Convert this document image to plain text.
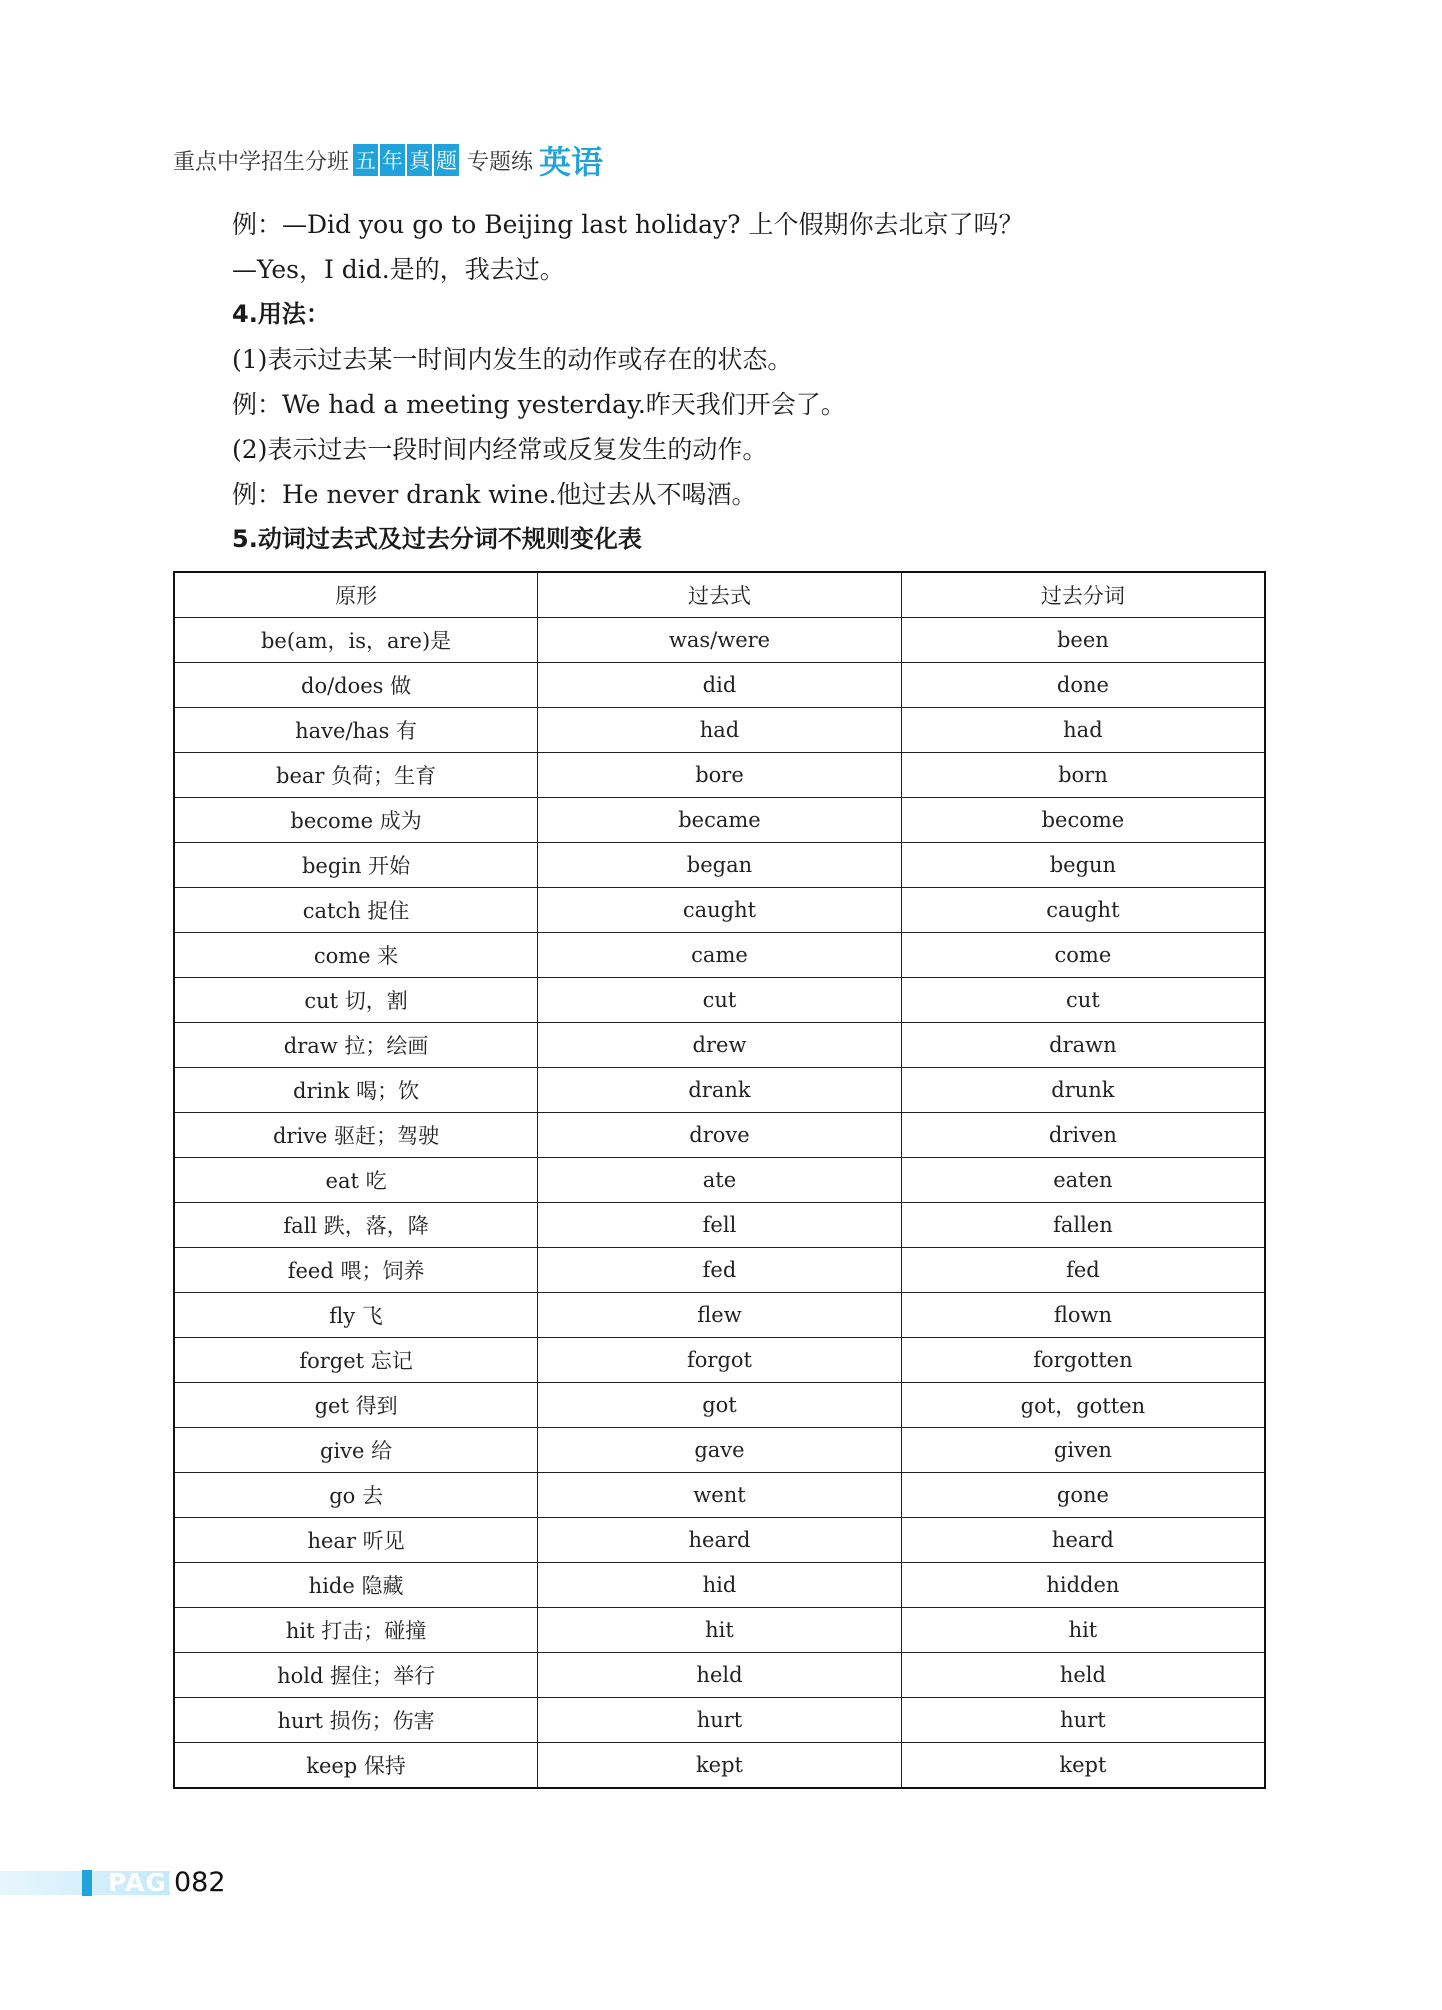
重点中学招生分班 五 年 真 题 专题练 英语
例：—Did you go to Beijing last holiday? 上个假期你去北京了吗？
—Yes，I did.是的，我去过。
4.用法：
(1)表示过去某一时间内发生的动作或存在的状态。
例：We had a meeting yesterday.昨天我们开会了。
(2)表示过去一段时间内经常或反复发生的动作。
例：He never drank wine.他过去从不喝酒。
5.动词过去式及过去分词不规则变化表
原形	过去式	过去分词
be(am，is，are)是	was/were	been
do/does 做	did	done
have/has 有	had	had
bear 负荷；生育	bore	born
become 成为	became	become
begin 开始	began	begun
catch 捉住	caught	caught
come 来	came	come
cut 切，割	cut	cut
draw 拉；绘画	drew	drawn
drink 喝；饮	drank	drunk
drive 驱赶；驾驶	drove	driven
eat 吃	ate	eaten
fall 跌，落，降	fell	fallen
feed 喂；饲养	fed	fed
fly 飞	flew	flown
forget 忘记	forgot	forgotten
get 得到	got	got，gotten
give 给	gave	given
go 去	went	gone
hear 听见	heard	heard
hide 隐藏	hid	hidden
hit 打击；碰撞	hit	hit
hold 握住；举行	held	held
hurt 损伤；伤害	hurt	hurt
keep 保持	kept	kept
PAGE
082
